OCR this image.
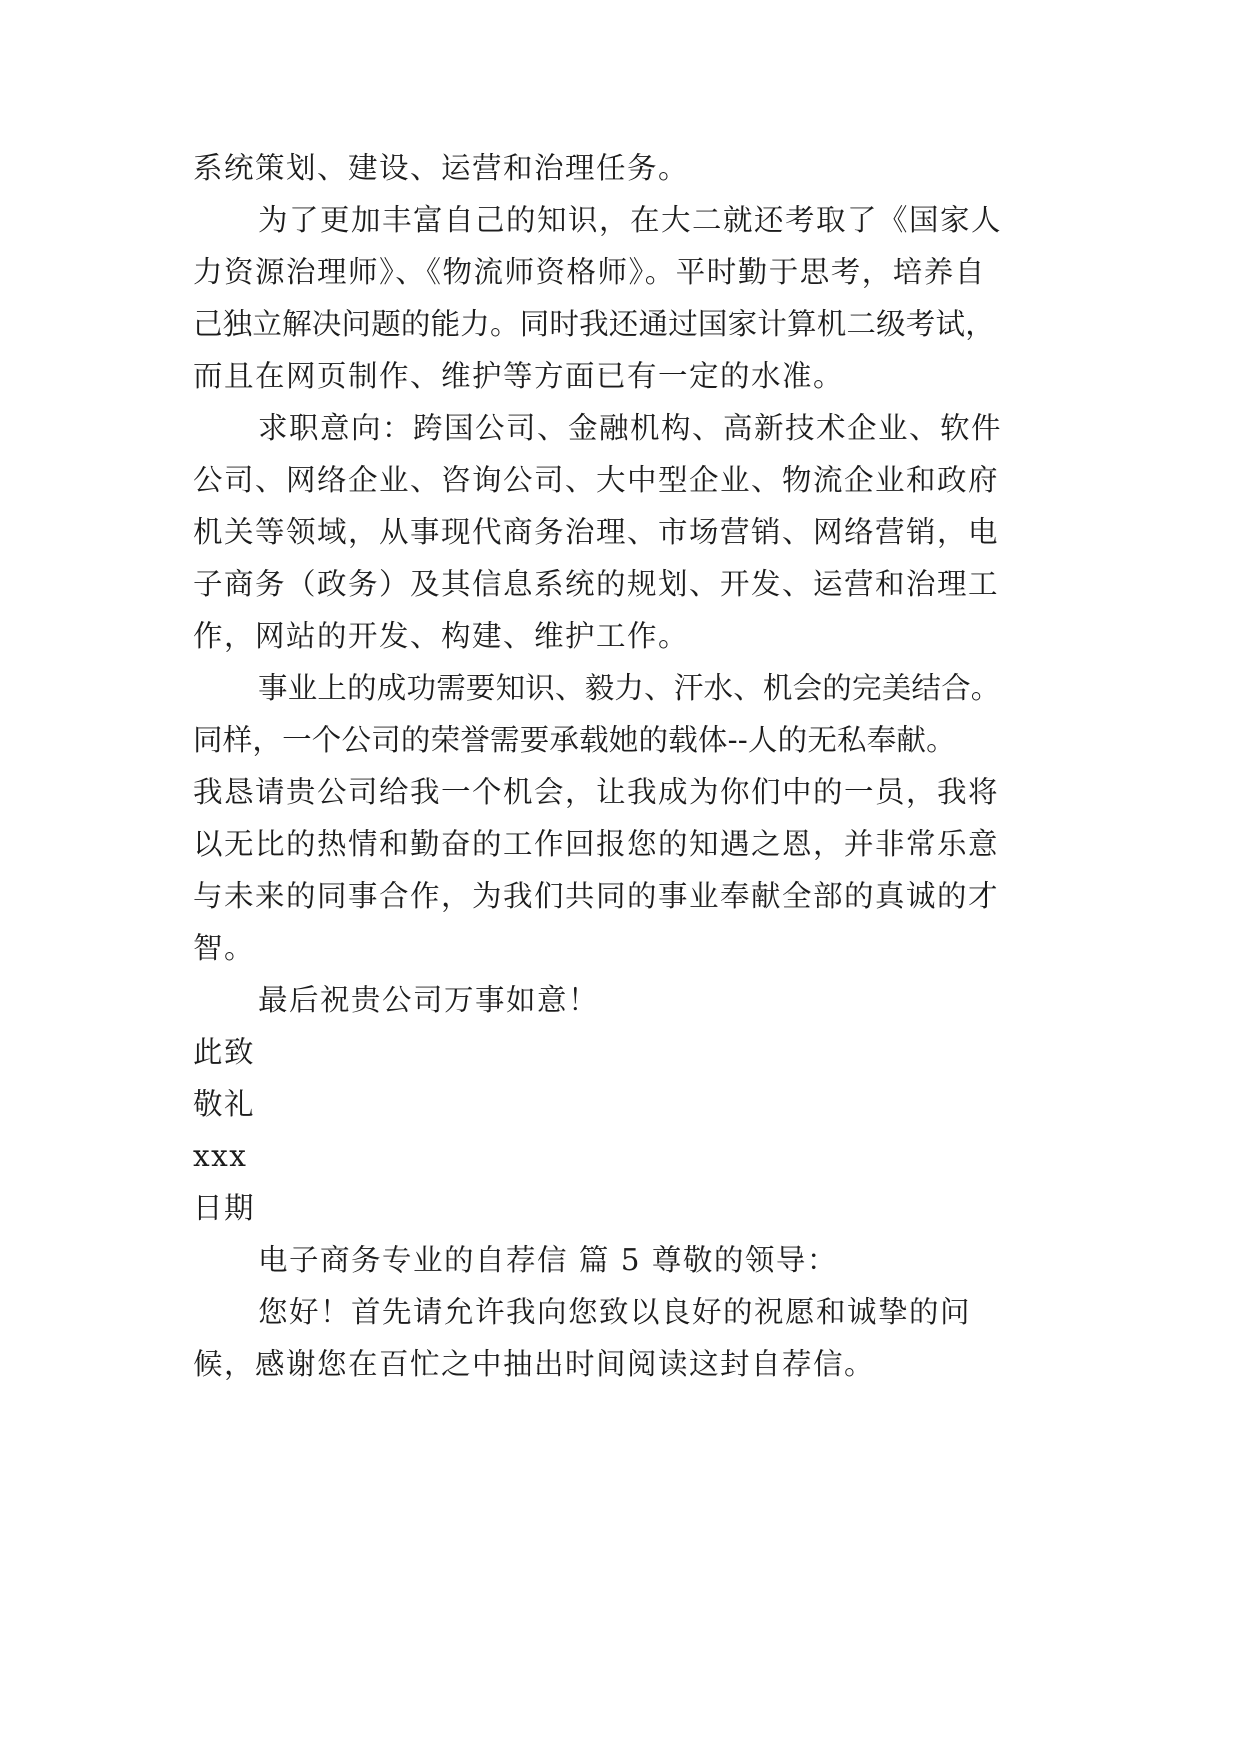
系统策划、建设、运营和治理任务。
为了更加丰富自己的知识，在大二就还考取了《国家人
力资源治理师》、《物流师资格师》。平时勤于思考，培养自
己独立解决问题的能力。同时我还通过国家计算机二级考试，
而且在网页制作、维护等方面已有一定的水准。
求职意向：跨国公司、金融机构、高新技术企业、软件
公司、网络企业、咨询公司、大中型企业、物流企业和政府
机关等领域，从事现代商务治理、市场营销、网络营销，电
子商务（政务）及其信息系统的规划、开发、运营和治理工
作，网站的开发、构建、维护工作。
事业上的成功需要知识、毅力、汗水、机会的完美结合。
同样，一个公司的荣誉需要承载她的载体--人的无私奉献。
我恳请贵公司给我一个机会，让我成为你们中的一员，我将
以无比的热情和勤奋的工作回报您的知遇之恩，并非常乐意
与未来的同事合作，为我们共同的事业奉献全部的真诚的才
智。
最后祝贵公司万事如意！
此致
敬礼
xxx
日期
电子商务专业的自荐信 篇 5 尊敬的领导：
您好！首先请允许我向您致以良好的祝愿和诚挚的问
候，感谢您在百忙之中抽出时间阅读这封自荐信。
